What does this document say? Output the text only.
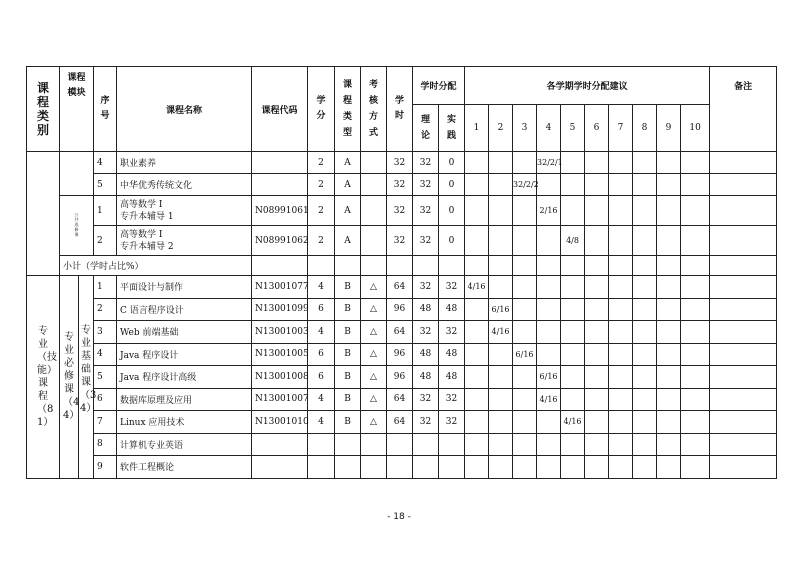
课程类别	课程模块		序号	课程名称	课程代码	学分	课程类型	考核方式	学时	学时分配		各学期学时分配建议										备注
										理论	实践	1	2	3	4	5	6	7	8	9	10	
			4	职业素养		2	A		32	32	0				32/2/1							
			5	中华优秀传统文化		2	A		32	32	0			32/2/2								
	公共选修课		1	高等数学 I
专升本辅导 1	N08991061	2	A		32	32	0				2/16							
			2	高等数学 I
专升本辅导 2	N08991062	2	A		32	32	0					4/8						
	小计（学时占比%）																					
专业（技能）课程（81）	专业必修课（44）	专业基础课（34）	1	平面设计与制作	N13001077	4	B	△	64	32	32	4/16										
			2	C 语言程序设计	N13001099	6	B	△	96	48	48		6/16									
			3	Web 前端基础	N13001003	4	B	△	64	32	32		4/16									
			4	Java 程序设计	N13001005	6	B	△	96	48	48			6/16								
			5	Java 程序设计高级	N13001008	6	B	△	96	48	48				6/16							
			6	数据库原理及应用	N13001007	4	B	△	64	32	32				4/16							
			7	Linux 应用技术	N13001010	4	B	△	64	32	32					4/16						
			8	计算机专业英语																		
			9	软件工程概论																		
- 18 -
